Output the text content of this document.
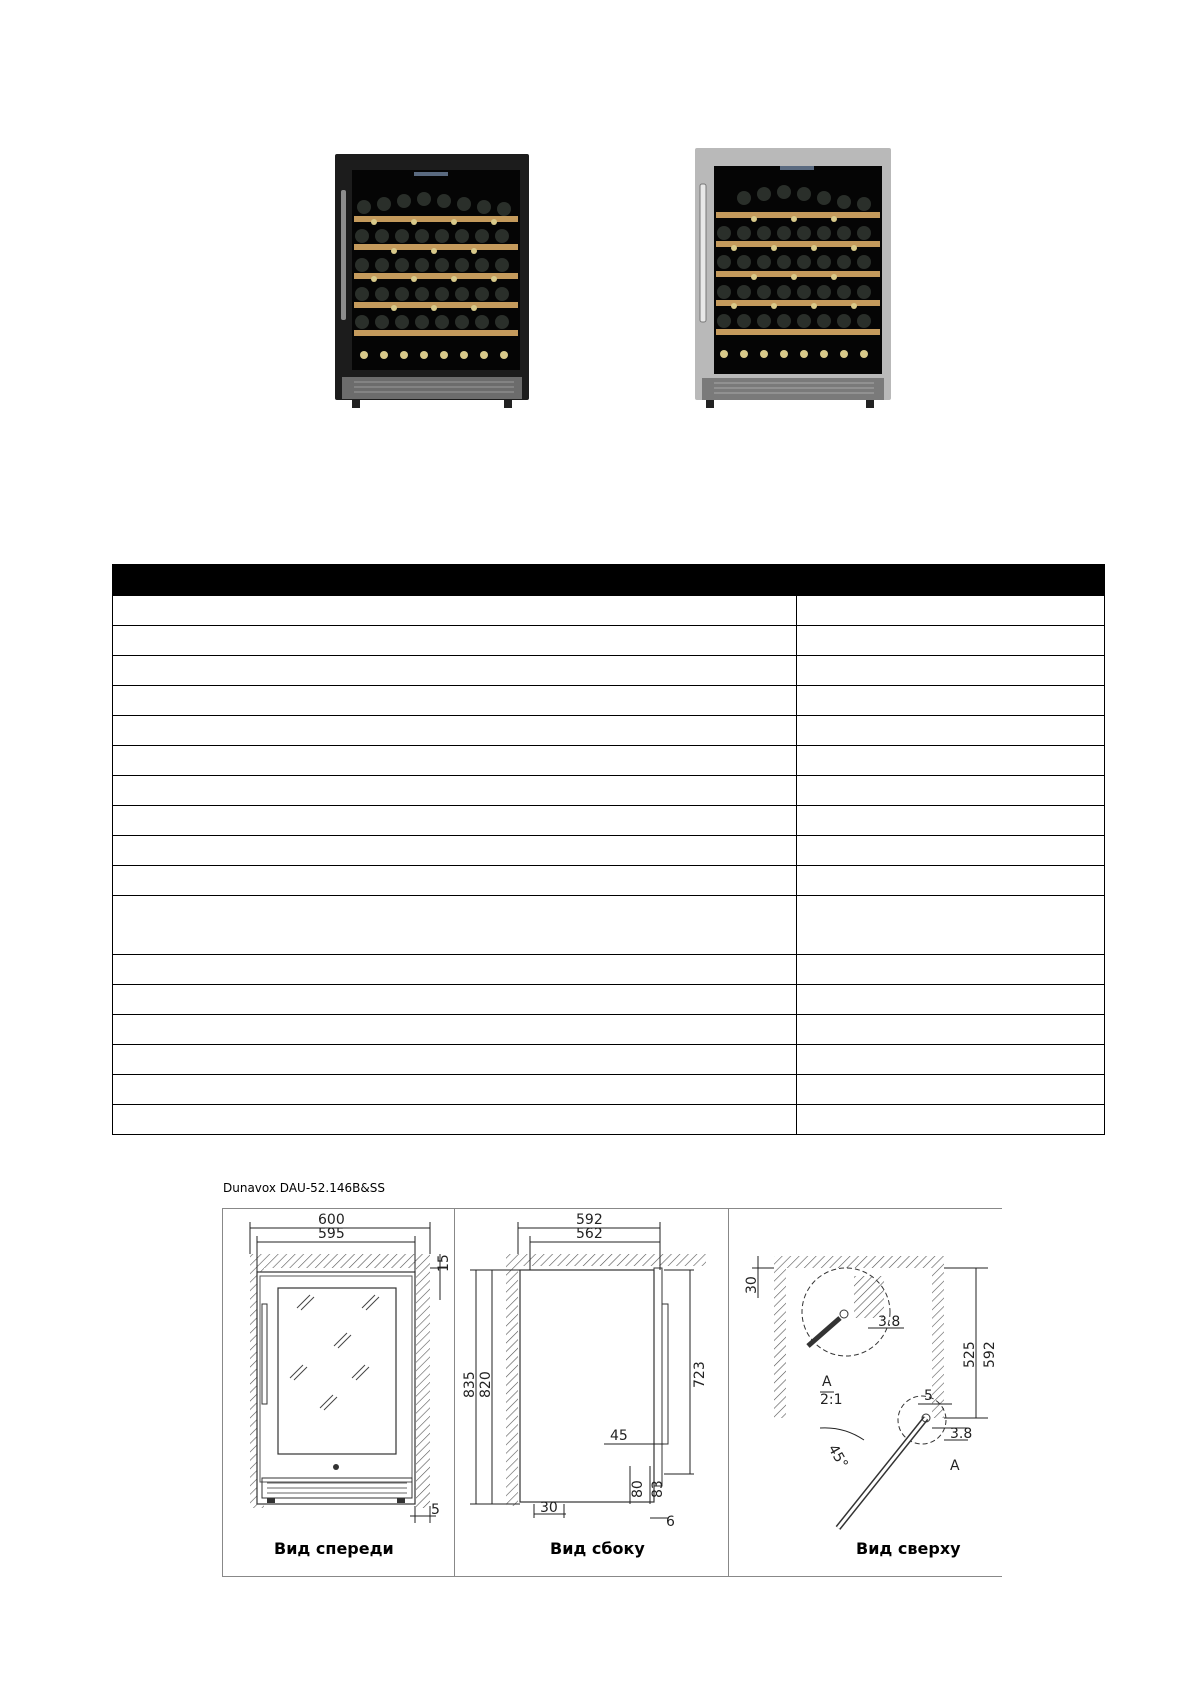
Dunavox DAU-52.146B&SS
600
595
15
5
Вид спереди
592
562
835 820	723
45
80 83
30
6
Вид сбоку
30
525 592
3.8
5
A
2:1
3.8
A
45°
Вид сверху
